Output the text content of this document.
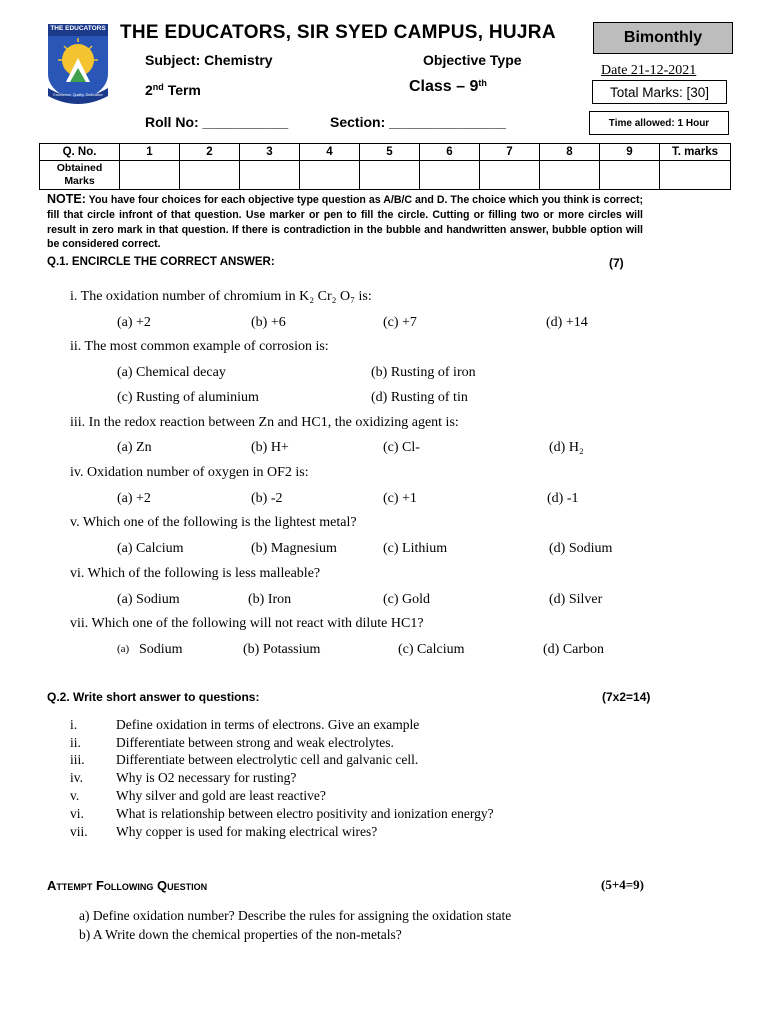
THE EDUCATORS
Excellence. Quality. Dedication
THE EDUCATORS, SIR SYED CAMPUS, HUJRA	Bimonthly
Subject: Chemistry	Objective Type
2nd Term	Class – 9th
Date 21-12-2021
Total Marks: [30]
Roll No: ___________	Section: _______________	Time allowed: 1 Hour
Q. No.	1	2	3	4	5	6	7	8	9	T. marks
Obtained
Marks										
NOTE: You have four choices for each objective type question as A/B/C and D. The choice which you think is correct; fill that circle infront of that question. Use marker or pen to fill the circle. Cutting or filling two or more circles will result in zero mark in that question. If there is contradiction in the bubble and handwritten answer, bubble option will be considered correct.
Q.1. ENCIRCLE THE CORRECT ANSWER:	(7)
i. The oxidation number of chromium in K₂ Cr₂ O₇ is:
(a) +2	(b) +6	(c) +7	(d) +14
ii. The most common example of corrosion is:
(a) Chemical decay	(b) Rusting of iron
(c) Rusting of aluminium	(d) Rusting of tin
iii. In the redox reaction between Zn and HC1, the oxidizing agent is:
(a) Zn	(b) H+	(c) Cl-	(d) H₂
iv. Oxidation number of oxygen in OF2 is:
(a) +2	(b) -2	(c) +1	(d) -1
v. Which one of the following is the lightest metal?
(a) Calcium	(b) Magnesium	(c) Lithium	(d) Sodium
vi. Which of the following is less malleable?
(a) Sodium	(b) Iron	(c) Gold	(d) Silver
vii. Which one of the following will not react with dilute HC1?
(a) Sodium	(b) Potassium	(c) Calcium	(d) Carbon
Q.2. Write short answer to questions:	(7x2=14)
i.	Define oxidation in terms of electrons. Give an example
ii.	Differentiate between strong and weak electrolytes.
iii. Differentiate between electrolytic cell and galvanic cell.
iv. Why is O2 necessary for rusting?
v.	Why silver and gold are least reactive?
vi. What is relationship between electro positivity and ionization energy?
vii. Why copper is used for making electrical wires?
Attempt Following Question	(5+4=9)
a) Define oxidation number? Describe the rules for assigning the oxidation state
b) A Write down the chemical properties of the non-metals?
